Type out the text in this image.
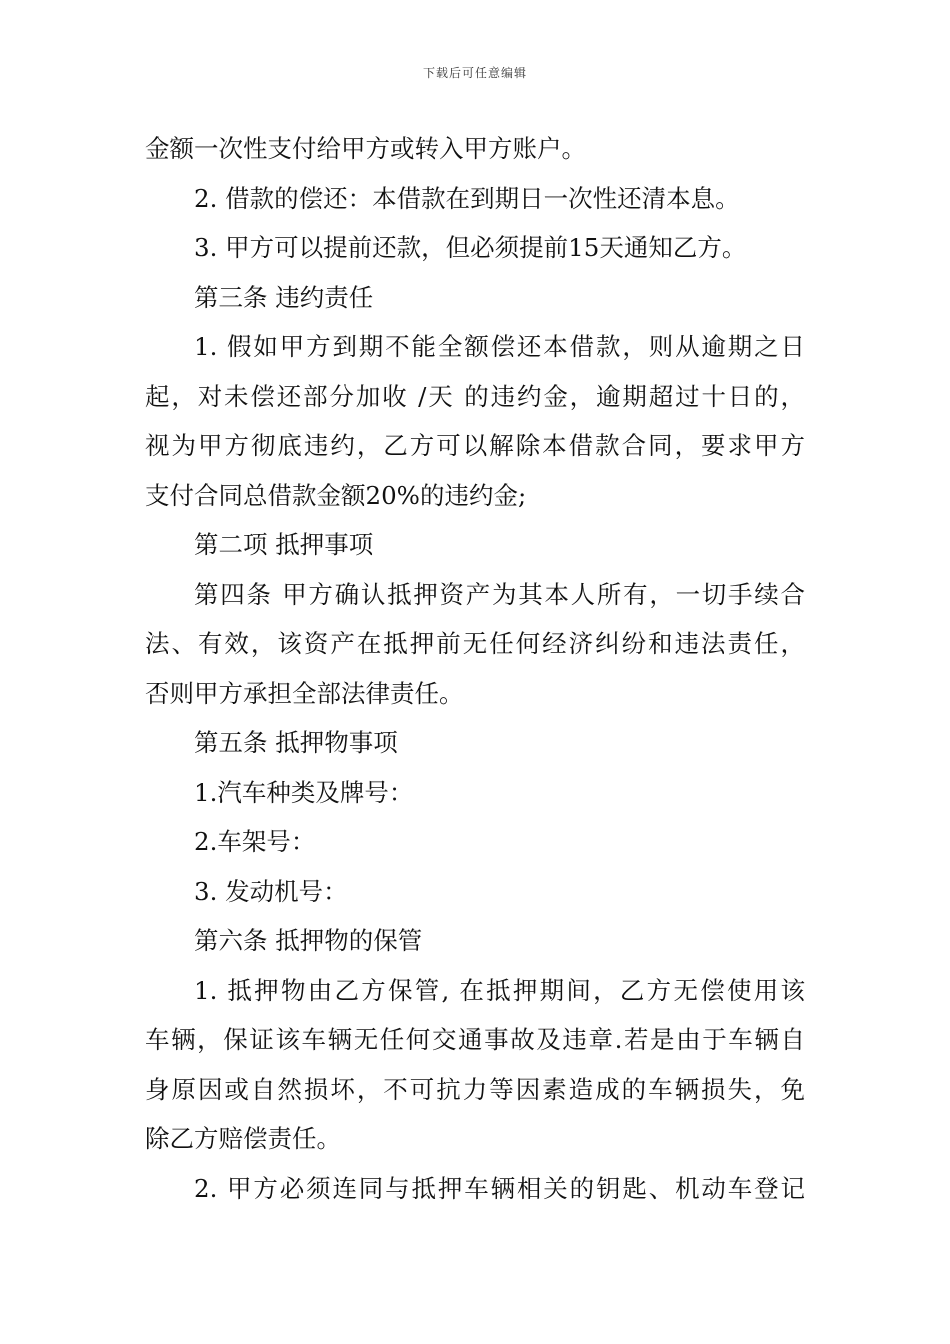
下载后可任意编辑

金额一次性支付给甲方或转入甲方账户。

2. 借款的偿还：本借款在到期日一次性还清本息。

3. 甲方可以提前还款，但必须提前15天通知乙方。

第三条 违约责任

1. 假如甲方到期不能全额偿还本借款，则从逾期之日
起，对未偿还部分加收 /天 的违约金，逾期超过十日的，
视为甲方彻底违约，乙方可以解除本借款合同，要求甲方
支付合同总借款金额20%的违约金;

第二项 抵押事项

第四条 甲方确认抵押资产为其本人所有，一切手续合
法、有效，该资产在抵押前无任何经济纠纷和违法责任，
否则甲方承担全部法律责任。

第五条 抵押物事项

1.汽车种类及牌号：

2.车架号：

3. 发动机号：

第六条 抵押物的保管

1. 抵押物由乙方保管, 在抵押期间，乙方无偿使用该
车辆，保证该车辆无任何交通事故及违章.若是由于车辆自
身原因或自然损坏，不可抗力等因素造成的车辆损失，免
除乙方赔偿责任。

2. 甲方必须连同与抵押车辆相关的钥匙、机动车登记
